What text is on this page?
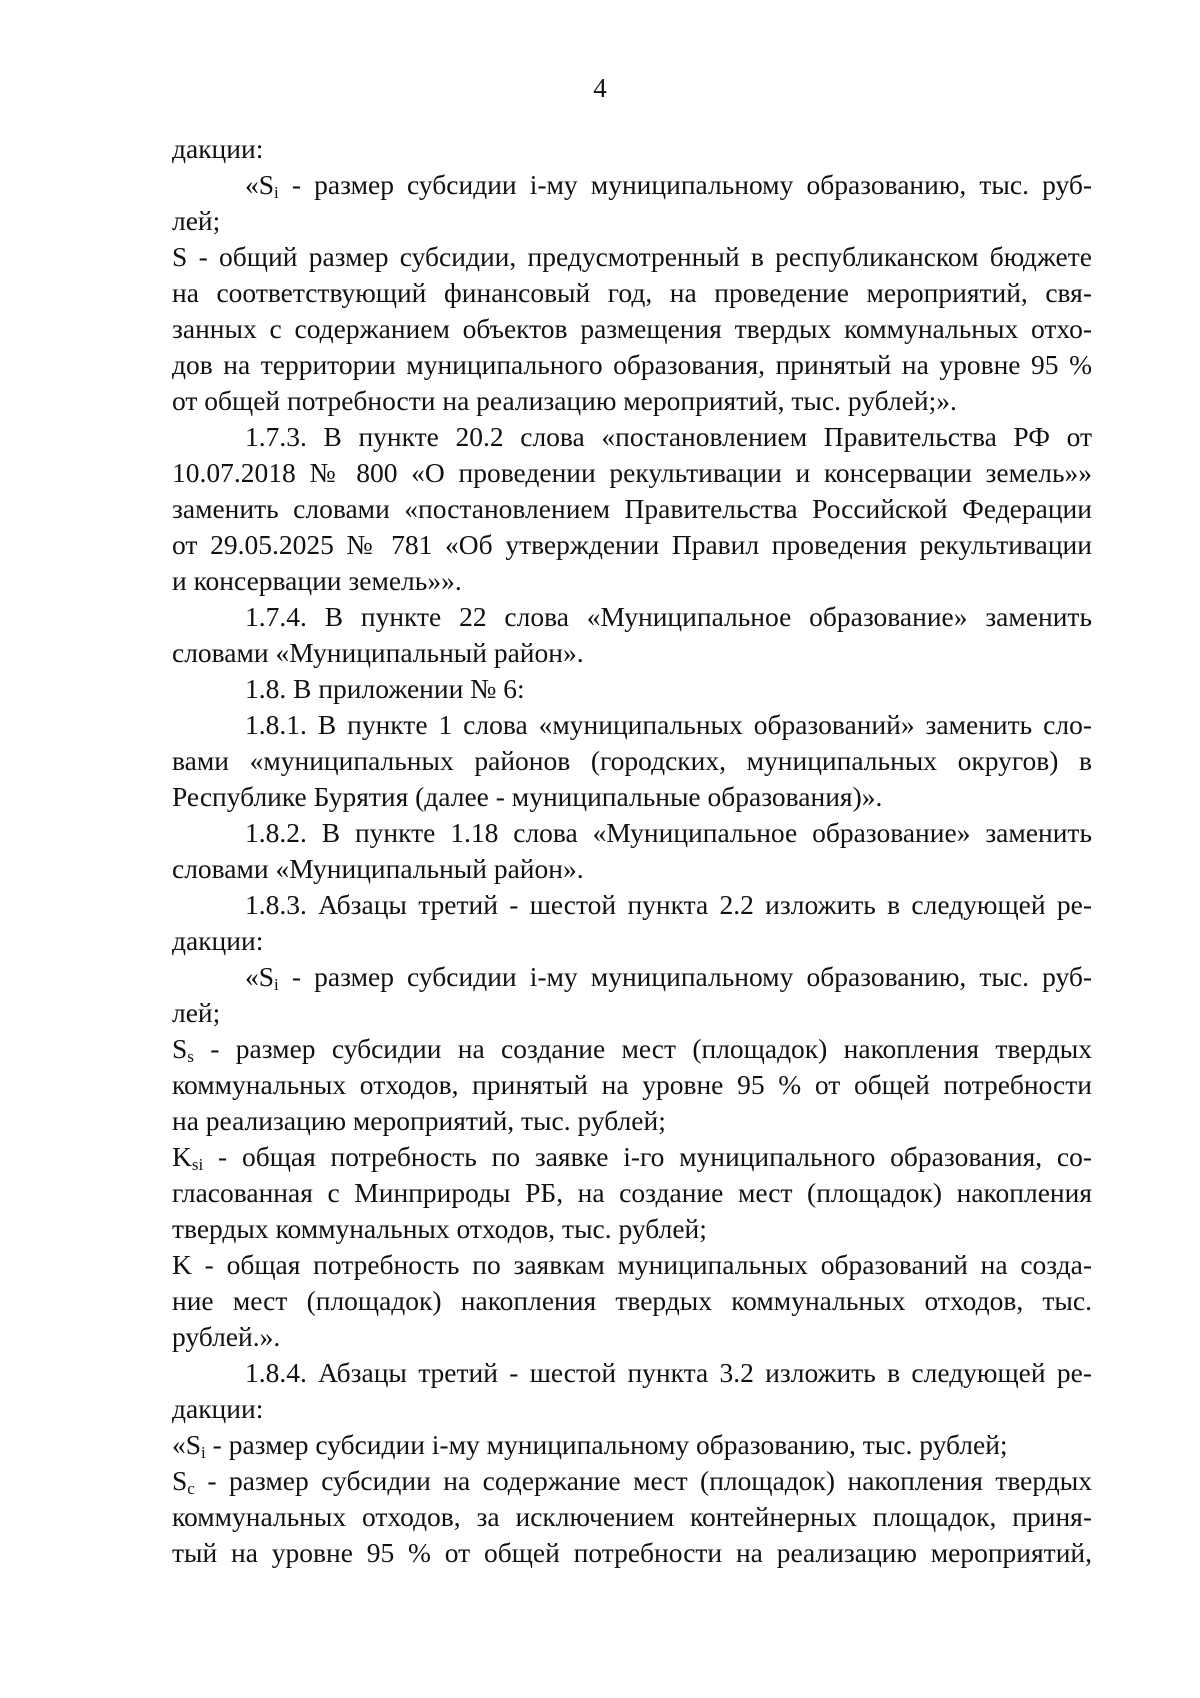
4
дакции:
«$S_i$ - размер субсидии i-му муниципальному образованию, тыс. руб-
лей;
S - общий размер субсидии, предусмотренный в республиканском бюджете
на соответствующий финансовый год, на проведение мероприятий, свя-
занных с содержанием объектов размещения твердых коммунальных отхо-
дов на территории муниципального образования, принятый на уровне 95 %
от общей потребности на реализацию мероприятий, тыс. рублей;».
1.7.3. В пункте 20.2 слова «постановлением Правительства РФ от
10.07.2018 № 800 «О проведении рекультивации и консервации земель»»
заменить словами «постановлением Правительства Российской Федерации
от 29.05.2025 № 781 «Об утверждении Правил проведения рекультивации
и консервации земель»».
1.7.4. В пункте 22 слова «Муниципальное образование» заменить
словами «Муниципальный район».
1.8. В приложении № 6:
1.8.1. В пункте 1 слова «муниципальных образований» заменить сло-
вами «муниципальных районов (городских, муниципальных округов) в
Республике Бурятия (далее - муниципальные образования)».
1.8.2. В пункте 1.18 слова «Муниципальное образование» заменить
словами «Муниципальный район».
1.8.3. Абзацы третий - шестой пункта 2.2 изложить в следующей ре-
дакции:
«$S_i$ - размер субсидии i-му муниципальному образованию, тыс. руб-
лей;
$S_s$ - размер субсидии на создание мест (площадок) накопления твердых
коммунальных отходов, принятый на уровне 95 % от общей потребности
на реализацию мероприятий, тыс. рублей;
$K_{si}$ - общая потребность по заявке i-го муниципального образования, со-
гласованная с Минприроды РБ, на создание мест (площадок) накопления
твердых коммунальных отходов, тыс. рублей;
K - общая потребность по заявкам муниципальных образований на созда-
ние мест (площадок) накопления твердых коммунальных отходов, тыс.
рублей.».
1.8.4. Абзацы третий - шестой пункта 3.2 изложить в следующей ре-
дакции:
«$S_i$ - размер субсидии i-му муниципальному образованию, тыс. рублей;
$S_c$ - размер субсидии на содержание мест (площадок) накопления твердых
коммунальных отходов, за исключением контейнерных площадок, приня-
тый на уровне 95 % от общей потребности на реализацию мероприятий,
